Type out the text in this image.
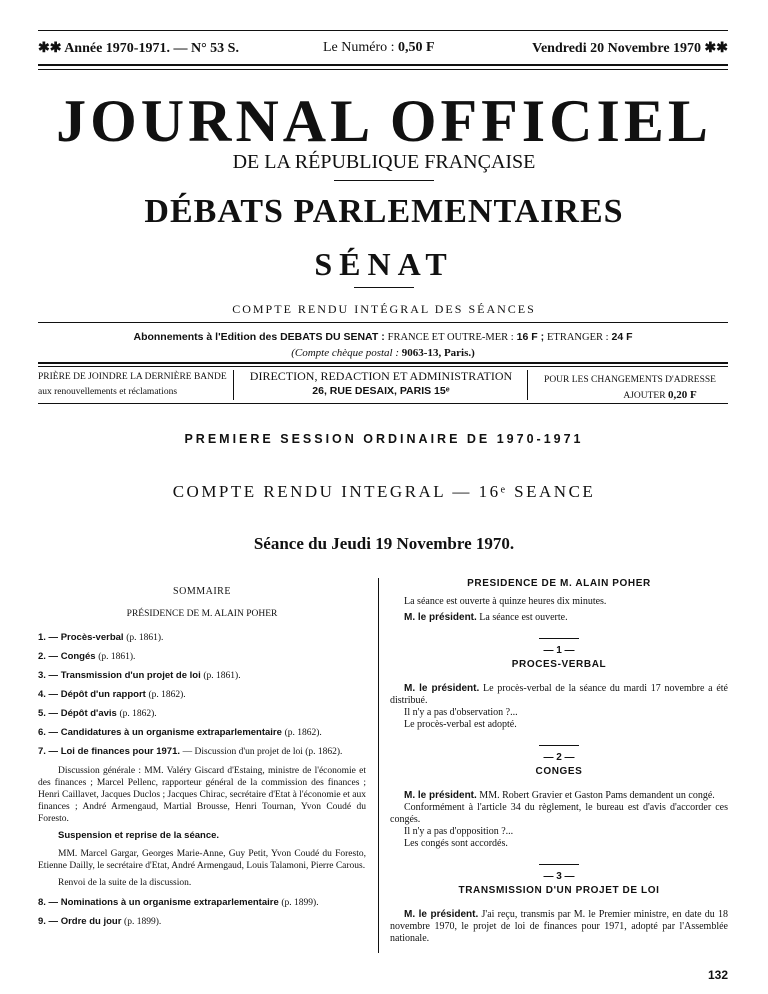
✱✱ Année 1970-1971. — N° 53 S.	Le Numéro : 0,50 F	Vendredi 20 Novembre 1970 ✱✱
JOURNAL OFFICIEL
DE LA RÉPUBLIQUE FRANÇAISE
DÉBATS PARLEMENTAIRES
SÉNAT
COMPTE RENDU INTÉGRAL DES SÉANCES
Abonnements à l'Edition des DEBATS DU SENAT : FRANCE ET OUTRE-MER : 16 F ; ETRANGER : 24 F
(Compte chèque postal : 9063-13, Paris.)
PRIÈRE DE JOINDRE LA DERNIÈRE BANDE
aux renouvellements et réclamations
DIRECTION, REDACTION ET ADMINISTRATION
26, RUE DESAIX, PARIS 15ᵉ
POUR LES CHANGEMENTS D'ADRESSE
AJOUTER 0,20 F
PREMIERE SESSION ORDINAIRE DE 1970-1971
COMPTE RENDU INTEGRAL — 16ᵉ SEANCE
Séance du Jeudi 19 Novembre 1970.
SOMMAIRE
PRÉSIDENCE DE M. ALAIN POHER
1. — Procès-verbal (p. 1861).
2. — Congés (p. 1861).
3. — Transmission d'un projet de loi (p. 1861).
4. — Dépôt d'un rapport (p. 1862).
5. — Dépôt d'avis (p. 1862).
6. — Candidatures à un organisme extraparlementaire (p. 1862).
7. — Loi de finances pour 1971. — Discussion d'un projet de loi (p. 1862).
Discussion générale : MM. Valéry Giscard d'Estaing, ministre de l'économie et des finances ; Marcel Pellenc, rapporteur général de la commission des finances ; Henri Caillavet, Jacques Duclos ; Jacques Chirac, secrétaire d'Etat à l'économie et aux finances ; André Armengaud, Martial Brousse, Henri Tournan, Yvon Coudé du Foresto.
Suspension et reprise de la séance.
MM. Marcel Gargar, Georges Marie-Anne, Guy Petit, Yvon Coudé du Foresto, Etienne Dailly, le secrétaire d'Etat, André Armengaud, Louis Talamoni, Pierre Carous.
Renvoi de la suite de la discussion.
8. — Nominations à un organisme extraparlementaire (p. 1899).
9. — Ordre du jour (p. 1899).
PRESIDENCE DE M. ALAIN POHER

La séance est ouverte à quinze heures dix minutes.

M. le président. La séance est ouverte.

— 1 —
PROCES-VERBAL

M. le président. Le procès-verbal de la séance du mardi 17 novembre a été distribué.

Il n'y a pas d'observation ?...

Le procès-verbal est adopté.

— 2 —
CONGES

M. le président. MM. Robert Gravier et Gaston Pams demandent un congé.

Conformément à l'article 34 du règlement, le bureau est d'avis d'accorder ces congés.

Il n'y a pas d'opposition ?...

Les congés sont accordés.

— 3 —
TRANSMISSION D'UN PROJET DE LOI

M. le président. J'ai reçu, transmis par M. le Premier ministre, en date du 18 novembre 1970, le projet de loi de finances pour 1971, adopté par l'Assemblée nationale.

132
